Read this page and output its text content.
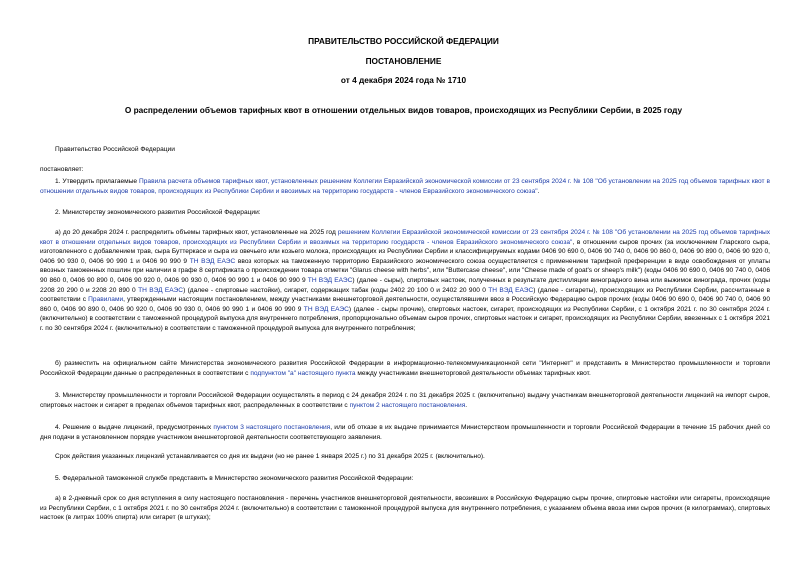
ПРАВИТЕЛЬСТВО РОССИЙСКОЙ ФЕДЕРАЦИИ
ПОСТАНОВЛЕНИЕ
от 4 декабря 2024 года № 1710
О распределении объемов тарифных квот в отношении отдельных видов товаров, происходящих из Республики Сербии, в 2025 году
Правительство Российской Федерации
постановляет:
1. Утвердить прилагаемые Правила расчета объемов тарифных квот, установленных решением Коллегии Евразийской экономической комиссии от 23 сентября 2024 г. № 108 "Об установлении на 2025 год объемов тарифных квот в отношении отдельных видов товаров, происходящих из Республики Сербии и ввозимых на территорию государств - членов Евразийского экономического союза".
2. Министерству экономического развития Российской Федерации:
а) до 20 декабря 2024 г. распределить объемы тарифных квот, установленные на 2025 год решением Коллегии Евразийской экономической комиссии от 23 сентября 2024 г. № 108 "Об установлении на 2025 год объемов тарифных квот в отношении отдельных видов товаров, происходящих из Республики Сербии и ввозимых на территорию государств - членов Евразийского экономического союза", в отношении сыров прочих (за исключением Гларского сыра, изготовленного с добавлением трав, сыра Буттеркасе и сыра из овечьего или козьего молока, происходящих из Республики Сербии и классифицируемых кодами 0406 90 690 0, 0406 90 740 0, 0406 90 860 0, 0406 90 890 0, 0406 90 920 0, 0406 90 930 0, 0406 90 990 1 и 0406 90 990 9 ТН ВЭД ЕАЭС ввоз которых на таможенную территорию Евразийского экономического союза осуществляется с применением тарифной преференции в виде освобождения от уплаты ввозных таможенных пошлин при наличии в графе 8 сертификата о происхождении товара отметки "Glarus cheese with herbs", или "Buttercase cheese", или "Cheese made of goat's or sheep's milk") (коды 0406 90 690 0, 0406 90 740 0, 0406 90 860 0, 0406 90 890 0, 0406 90 920 0, 0406 90 930 0, 0406 90 990 1 и 0406 90 990 9 ТН ВЭД ЕАЭС) (далее - сыры), спиртовых настоек, полученных в результате дистилляции виноградного вина или выжимок винограда, прочих (коды 2208 20 290 0 и 2208 20 890 0 ТН ВЭД ЕАЭС) (далее - спиртовые настойки), сигарет, содержащих табак (коды 2402 20 100 0 и 2402 20 900 0 ТН ВЭД ЕАЭС) (далее - сигареты), происходящих из Республики Сербии, рассчитанные в соответствии с Правилами, утвержденными настоящим постановлением, между участниками внешнеторговой деятельности, осуществлявшими ввоз в Российскую Федерацию сыров прочих (коды 0406 90 690 0, 0406 90 740 0, 0406 90 860 0, 0406 90 890 0, 0406 90 920 0, 0406 90 930 0, 0406 90 990 1 и 0406 90 990 9 ТН ВЭД ЕАЭС) (далее - сыры прочие), спиртовых настоек, сигарет, происходящих из Республики Сербии, с 1 октября 2021 г. по 30 сентября 2024 г. (включительно) в соответствии с таможенной процедурой выпуска для внутреннего потребления, пропорционально объемам сыров прочих, спиртовых настоек и сигарет, происходящих из Республики Сербии, ввезенных с 1 октября 2021 г. по 30 сентября 2024 г. (включительно) в соответствии с таможенной процедурой выпуска для внутреннего потребления;
б) разместить на официальном сайте Министерства экономического развития Российской Федерации в информационно-телекоммуникационной сети "Интернет" и представить в Министерство промышленности и торговли Российской Федерации данные о распределенных в соответствии с подпунктом "а" настоящего пункта между участниками внешнеторговой деятельности объемах тарифных квот.
3. Министерству промышленности и торговли Российской Федерации осуществлять в период с 24 декабря 2024 г. по 31 декабря 2025 г. (включительно) выдачу участникам внешнеторговой деятельности лицензий на импорт сыров, спиртовых настоек и сигарет в пределах объемов тарифных квот, распределенных в соответствии с пунктом 2 настоящего постановления.
4. Решение о выдаче лицензий, предусмотренных пунктом 3 настоящего постановления, или об отказе в их выдаче принимается Министерством промышленности и торговли Российской Федерации в течение 15 рабочих дней со дня подачи в установленном порядке участником внешнеторговой деятельности соответствующего заявления.
Срок действия указанных лицензий устанавливается со дня их выдачи (но не ранее 1 января 2025 г.) по 31 декабря 2025 г. (включительно).
5. Федеральной таможенной службе представить в Министерство экономического развития Российской Федерации:
а) в 2-дневный срок со дня вступления в силу настоящего постановления - перечень участников внешнеторговой деятельности, ввозивших в Российскую Федерацию сыры прочие, спиртовые настойки или сигареты, происходящие из Республики Сербии, с 1 октября 2021 г. по 30 сентября 2024 г. (включительно) в соответствии с таможенной процедурой выпуска для внутреннего потребления, с указанием объема ввоза ими сыров прочих (в килограммах), спиртовых настоек (в литрах 100% спирта) или сигарет (в штуках);
